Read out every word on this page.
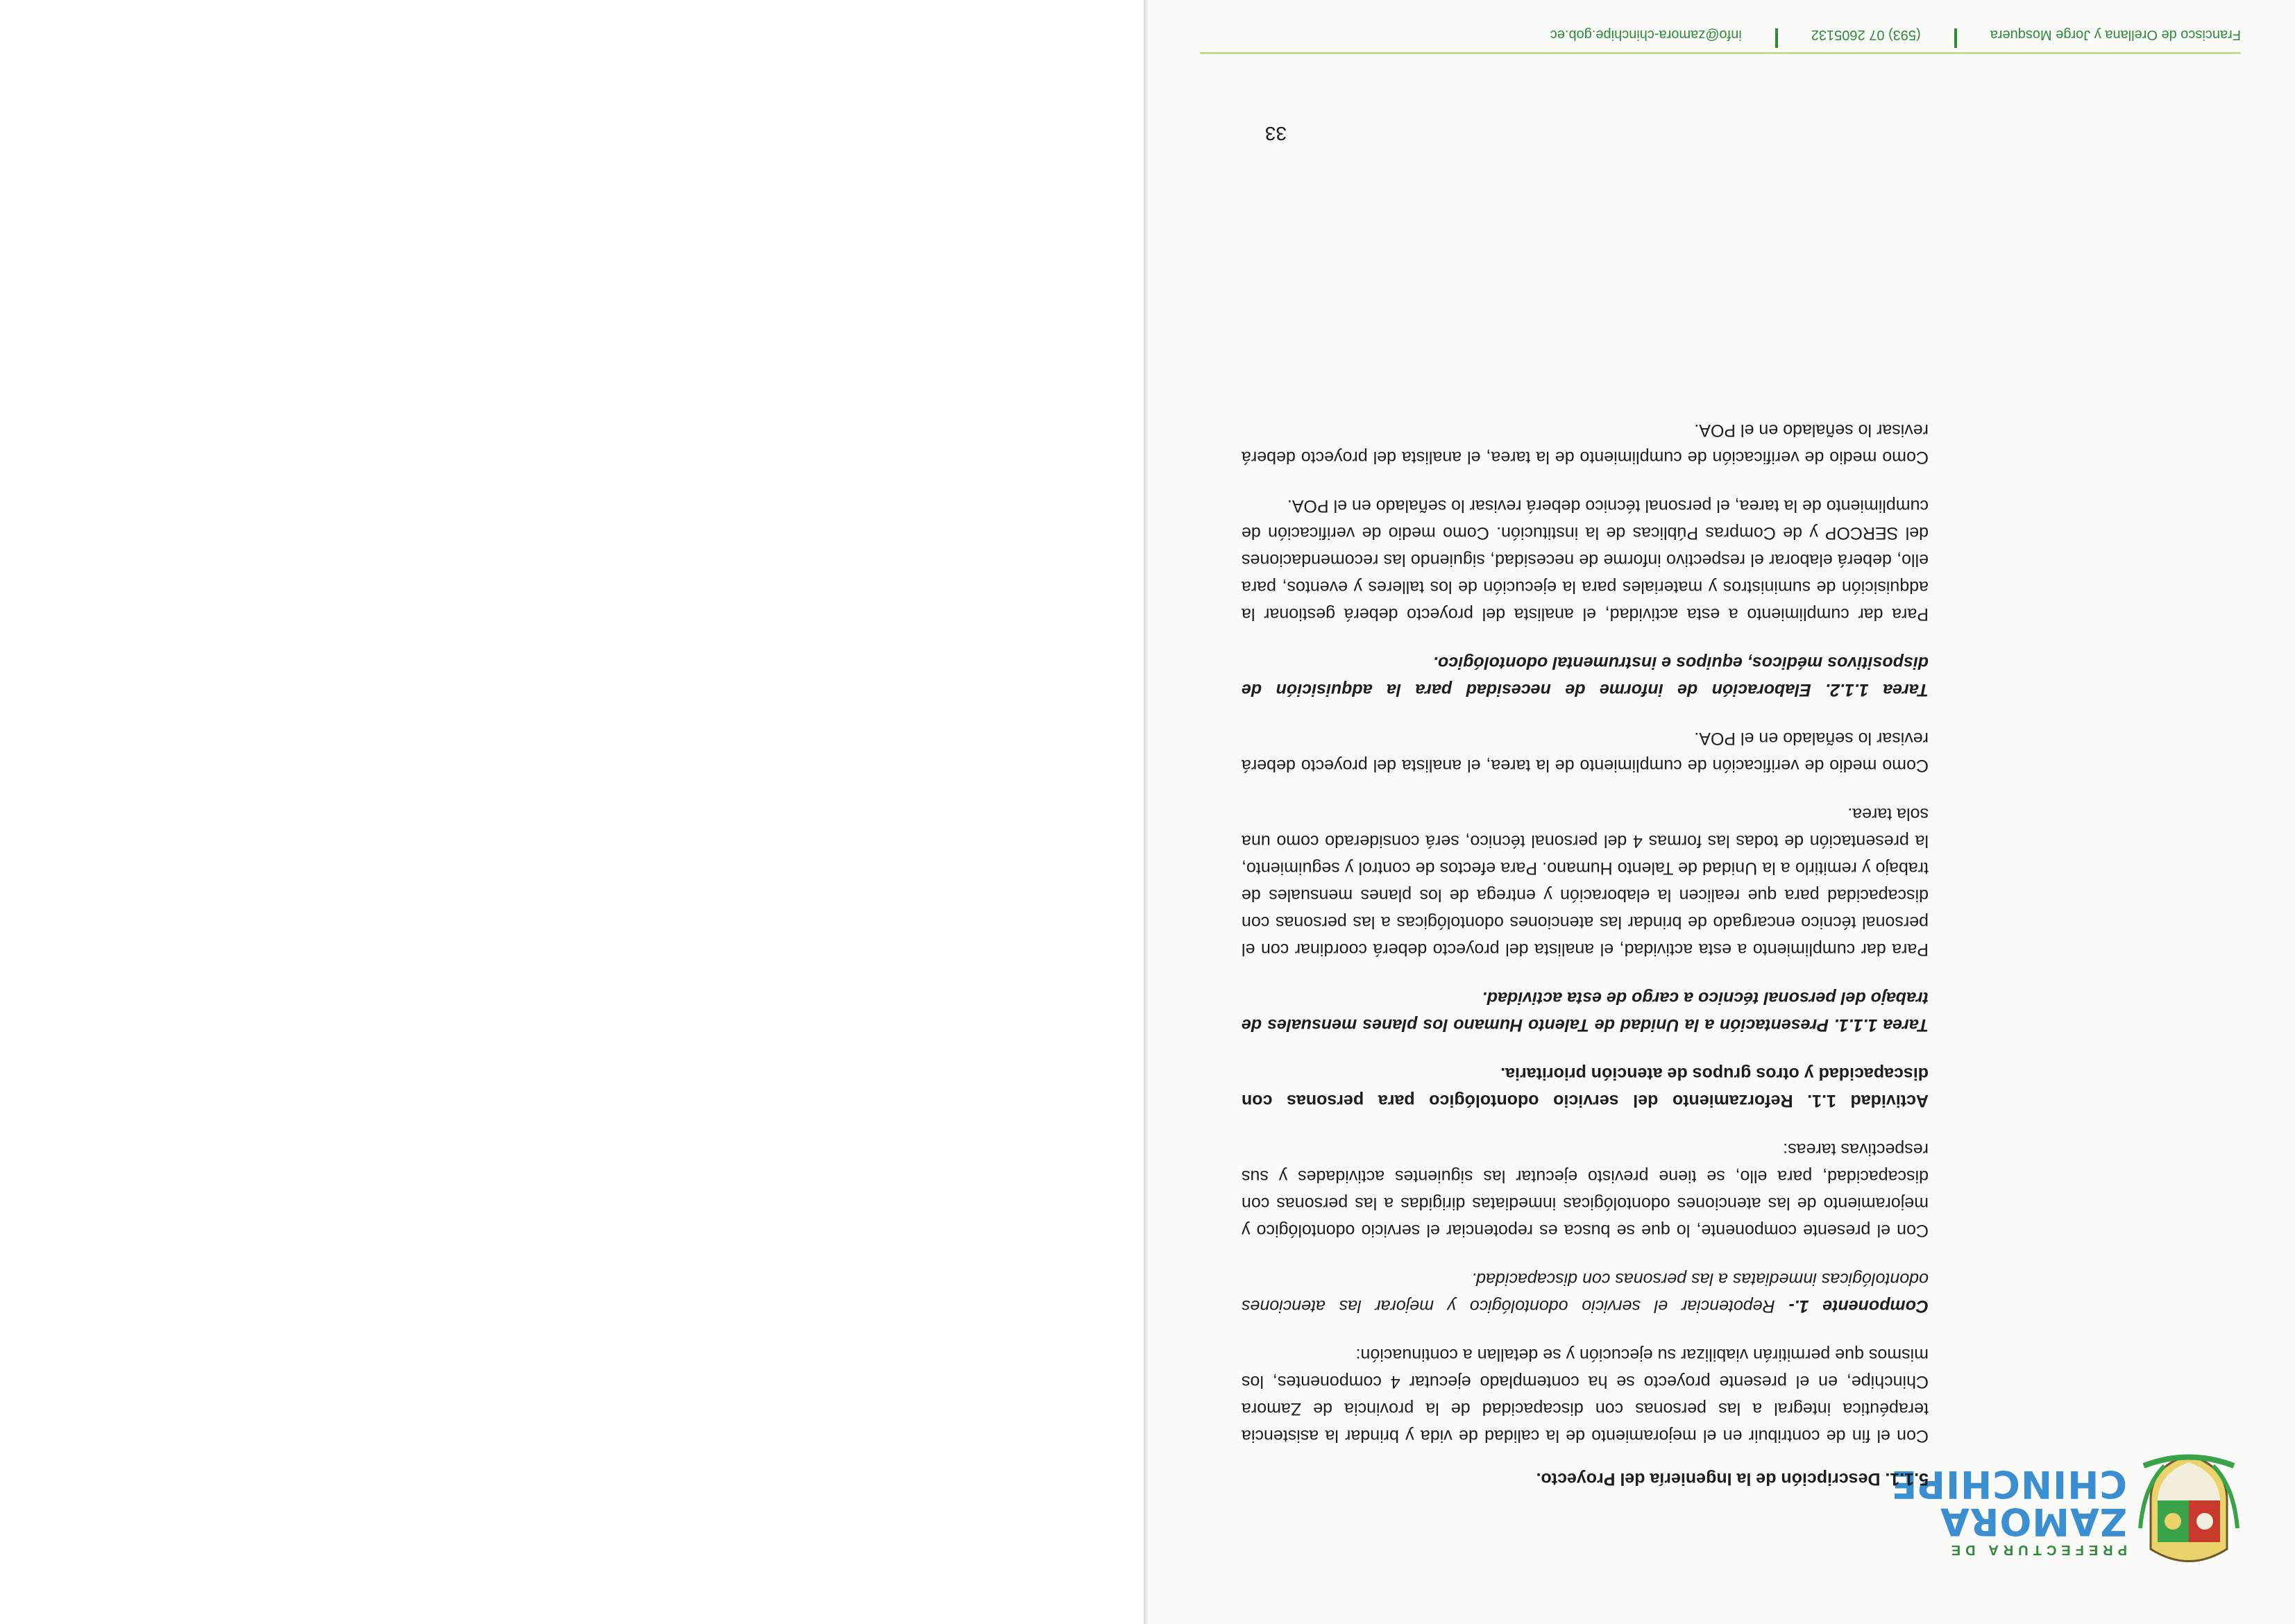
PREFECTURA DE
ZAMORA
CHINCHIPE

5.1.1. Descripción de la Ingeniería del Proyecto.

Con el fin de contribuir en el mejoramiento de la calidad de vida y brindar la asistencia terapéutica integral a las personas con discapacidad de la provincia de Zamora Chinchipe, en el presente proyecto se ha contemplado ejecutar 4 componentes, los mismos que permitirán viabilizar su ejecución y se detallan a continuación:

Componente 1.- Repotenciar el servicio odontológico y mejorar las atenciones odontológicas inmediatas a las personas con discapacidad.

Con el presente componente, lo que se busca es repotenciar el servicio odontológico y mejoramiento de las atenciones odontológicas inmediatas dirigidas a las personas con discapacidad, para ello, se tiene previsto ejecutar las siguientes actividades y sus respectivas tareas:

Actividad 1.1. Reforzamiento del servicio odontológico para personas con discapacidad y otros grupos de atención prioritaria.

Tarea 1.1.1. Presentación a la Unidad de Talento Humano los planes mensuales de trabajo del personal técnico a cargo de esta actividad.

Para dar cumplimiento a esta actividad, el analista del proyecto deberá coordinar con el personal técnico encargado de brindar las atenciones odontológicas a las personas con discapacidad para que realicen la elaboración y entrega de los planes mensuales de trabajo y remitirlo a la Unidad de Talento Humano. Para efectos de control y seguimiento, la presentación de todas las formas 4 del personal técnico, será considerado como una sola tarea.

Como medio de verificación de cumplimiento de la tarea, el analista del proyecto deberá revisar lo señalado en el POA.

Tarea 1.1.2. Elaboración de informe de necesidad para la adquisición de dispositivos médicos, equipos e instrumental odontológico.

Para dar cumplimiento a esta actividad, el analista del proyecto deberá gestionar la adquisición de suministros y materiales para la ejecución de los talleres y eventos, para ello, deberá elaborar el respectivo informe de necesidad, siguiendo las recomendaciones del SERCOP y de Compras Públicas de la institución. Como medio de verificación de cumplimiento de la tarea, el personal técnico deberá revisar lo señalado en el POA.

Como medio de verificación de cumplimiento de la tarea, el analista del proyecto deberá revisar lo señalado en el POA.

33
Francisco de Orellana y Jorge Mosquera
(593) 07 2605132
info@zamora-chinchipe.gob.ec
